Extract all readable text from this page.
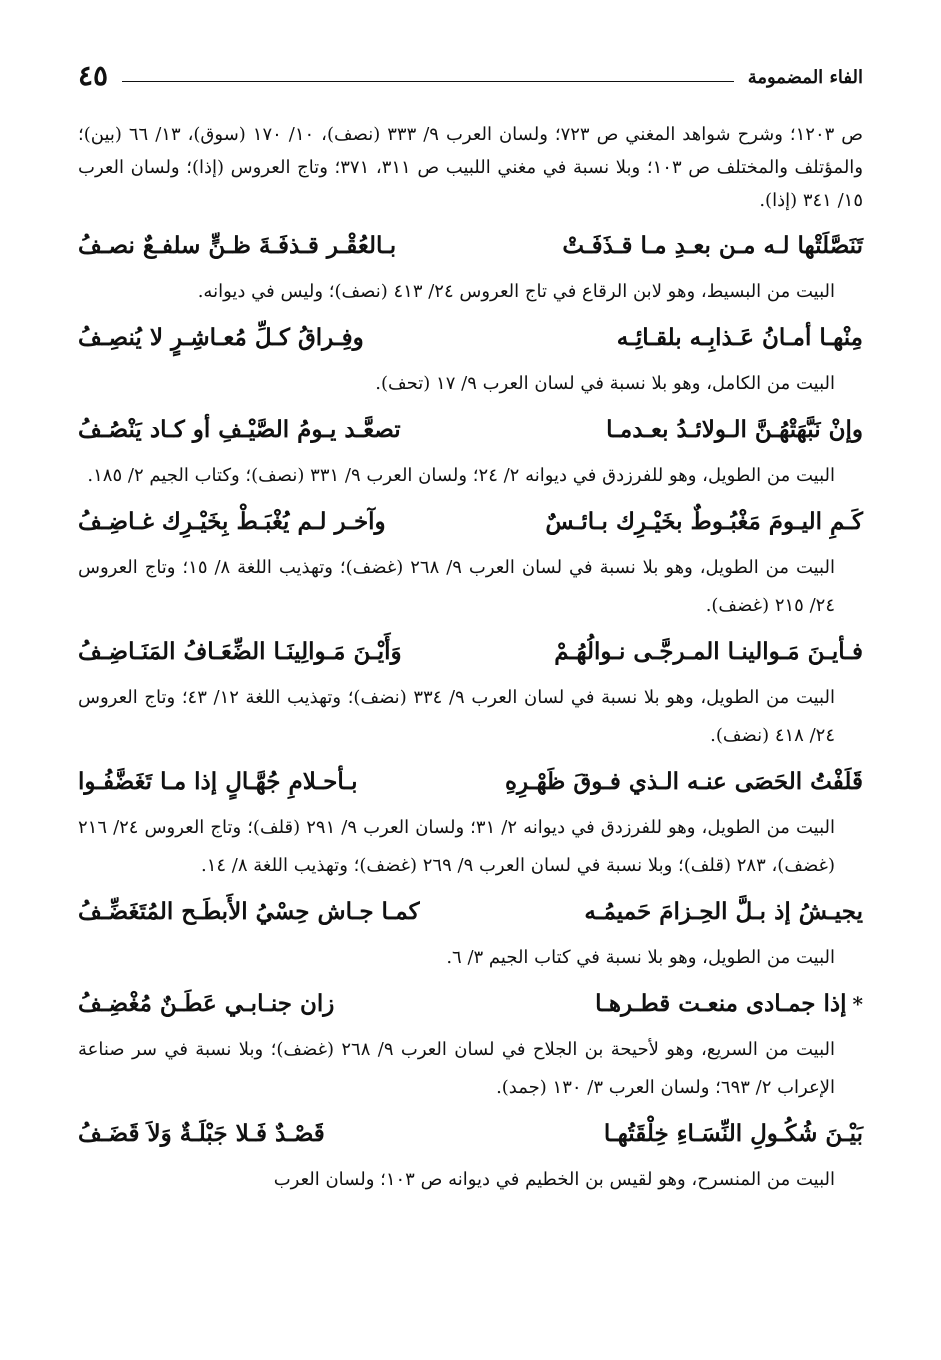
٤٥	الفاء المضمومة

ص ١٢٠٣؛ وشرح شواهد المغني ص ٧٢٣؛ ولسان العرب ٩/ ٣٣٣ (نصف)، ١٠/ ١٧٠ (سوق)، ١٣/ ٦٦ (بين)؛ والمؤتلف والمختلف ص ١٠٣؛ وبلا نسبة في مغني اللبيب ص ٣١١، ٣٧١؛ وتاج العروس (إذا)؛ ولسان العرب ١٥/ ٣٤١ (إذا).

تَنَصَّلَتْها لـه مـن بعـدِ مـا قـذَفَـتْ
بـالعُقْـر قـذفَـةَ ظـنٍّ سلفـعٌ نصـفُ

البيت من البسيط، وهو لابن الرقاع في تاج العروس ٢٤/ ٤١٣ (نصف)؛ وليس في ديوانه.

مِنْهـا أمـانُ عَـذابِـه بلقـائِـه
وفِـراقُ كـلِّ مُعـاشِـرٍ لا يُنصِـفُ

البيت من الكامل، وهو بلا نسبة في لسان العرب ٩/ ١٧ (تحف).

وإنْ نَبَّهَتْهُـنَّ الـولائـدُ بعـدمـا
تصعَّـد يـومُ الصَّيْـفِ أو كـاد يَنْصُـفُ

البيت من الطويل، وهو للفرزدق في ديوانه ٢/ ٢٤؛ ولسان العرب ٩/ ٣٣١ (نصف)؛ وكتاب الجيم ٢/ ١٨٥.

كَـمِ اليـومَ مَغْبُـوطٌ بخَيْـرِك بـائـسٌ
وآخـر لـم يُغْبَـطْ بِخَيْـرِك غـاضِـفُ

البيت من الطويل، وهو بلا نسبة في لسان العرب ٩/ ٢٦٨ (غضف)؛ وتهذيب اللغة ٨/ ١٥؛ وتاج العروس ٢٤/ ٢١٥ (غضف).

فـأيـنَ مَـوالينـا المـرجَّـى نـوالُهُـمْ
وَأَيْـنَ مَـوالِينَـا الضِّعَـافُ المَنَـاضِـفُ

البيت من الطويل، وهو بلا نسبة في لسان العرب ٩/ ٣٣٤ (نضف)؛ وتهذيب اللغة ١٢/ ٤٣؛ وتاج العروس ٢٤/ ٤١٨ (نضف).

قَلَفْتُ الحَصَى عنـه الـذي فـوقَ ظَهْـرِهِ
بـأحـلامِ جُهَّـالٍ إذا مـا تَغَضَّفُـوا

البيت من الطويل، وهو للفرزدق في ديوانه ٢/ ٣١؛ ولسان العرب ٩/ ٢٩١ (قلف)؛ وتاج العروس ٢٤/ ٢١٦ (غضف)، ٢٨٣ (قلف)؛ وبلا نسبة في لسان العرب ٩/ ٢٦٩ (غضف)؛ وتهذيب اللغة ٨/ ١٤.

يجيـشُ إذ بـلَّ الحِـزامَ حَميمُـه
كمـا جـاش حِسْيُ الأَبطَـح المُتَغَضِّـفُ

البيت من الطويل، وهو بلا نسبة في كتاب الجيم ٣/ ٦.

*إذا جمـادى منعـت قطـرهـا
زان جنـابـي عَطَـنٌ مُغْضِـفُ

البيت من السريع، وهو لأحيحة بن الجلاح في لسان العرب ٩/ ٢٦٨ (غضف)؛ وبلا نسبة في سر صناعة الإعراب ٢/ ٦٩٣؛ ولسان العرب ٣/ ١٣٠ (جمد).

بَيْـنَ شُكُـولِ النِّسَـاءِ خِلْقَتُهـا
قَصْـدٌ فَـلا جَبْلَـةٌ وَلاَ قَضَـفُ

البيت من المنسرح، وهو لقيس بن الخطيم في ديوانه ص ١٠٣؛ ولسان العرب
